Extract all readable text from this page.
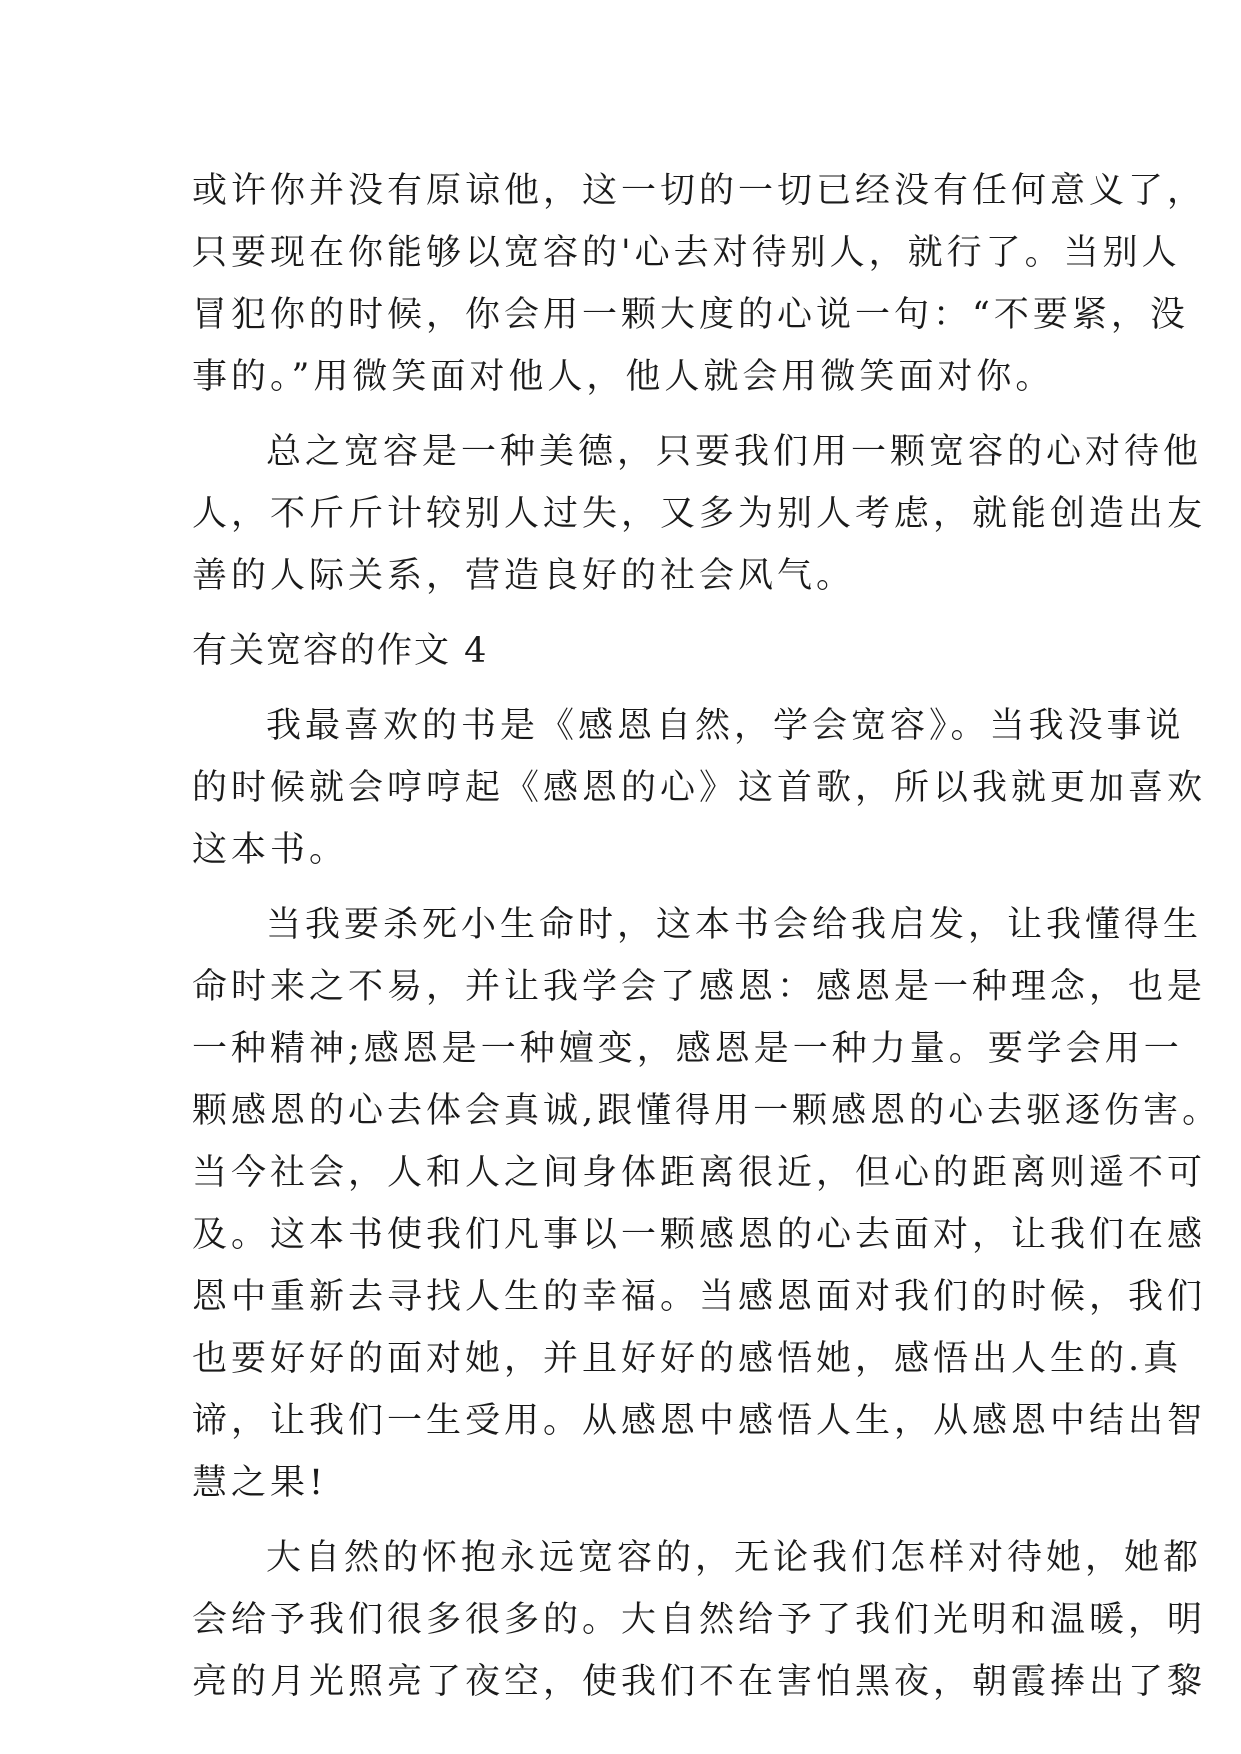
或许你并没有原谅他，这一切的一切已经没有任何意义了，
只要现在你能够以宽容的'心去对待别人，就行了。当别人
冒犯你的时候，你会用一颗大度的心说一句：“不要紧，没
事的。”用微笑面对他人，他人就会用微笑面对你。
总之宽容是一种美德，只要我们用一颗宽容的心对待他
人，不斤斤计较别人过失，又多为别人考虑，就能创造出友
善的人际关系，营造良好的社会风气。
有关宽容的作文 4
我最喜欢的书是《感恩自然，学会宽容》。当我没事说
的时候就会哼哼起《感恩的心》这首歌，所以我就更加喜欢
这本书。
当我要杀死小生命时，这本书会给我启发，让我懂得生
命时来之不易，并让我学会了感恩：感恩是一种理念，也是
一种精神;感恩是一种嬗变，感恩是一种力量。要学会用一
颗感恩的心去体会真诚,跟懂得用一颗感恩的心去驱逐伤害。
当今社会，人和人之间身体距离很近，但心的距离则遥不可
及。这本书使我们凡事以一颗感恩的心去面对，让我们在感
恩中重新去寻找人生的幸福。当感恩面对我们的时候，我们
也要好好的面对她，并且好好的感悟她，感悟出人生的.真
谛，让我们一生受用。从感恩中感悟人生，从感恩中结出智
慧之果!
大自然的怀抱永远宽容的，无论我们怎样对待她，她都
会给予我们很多很多的。大自然给予了我们光明和温暖，明
亮的月光照亮了夜空，使我们不在害怕黑夜，朝霞捧出了黎
